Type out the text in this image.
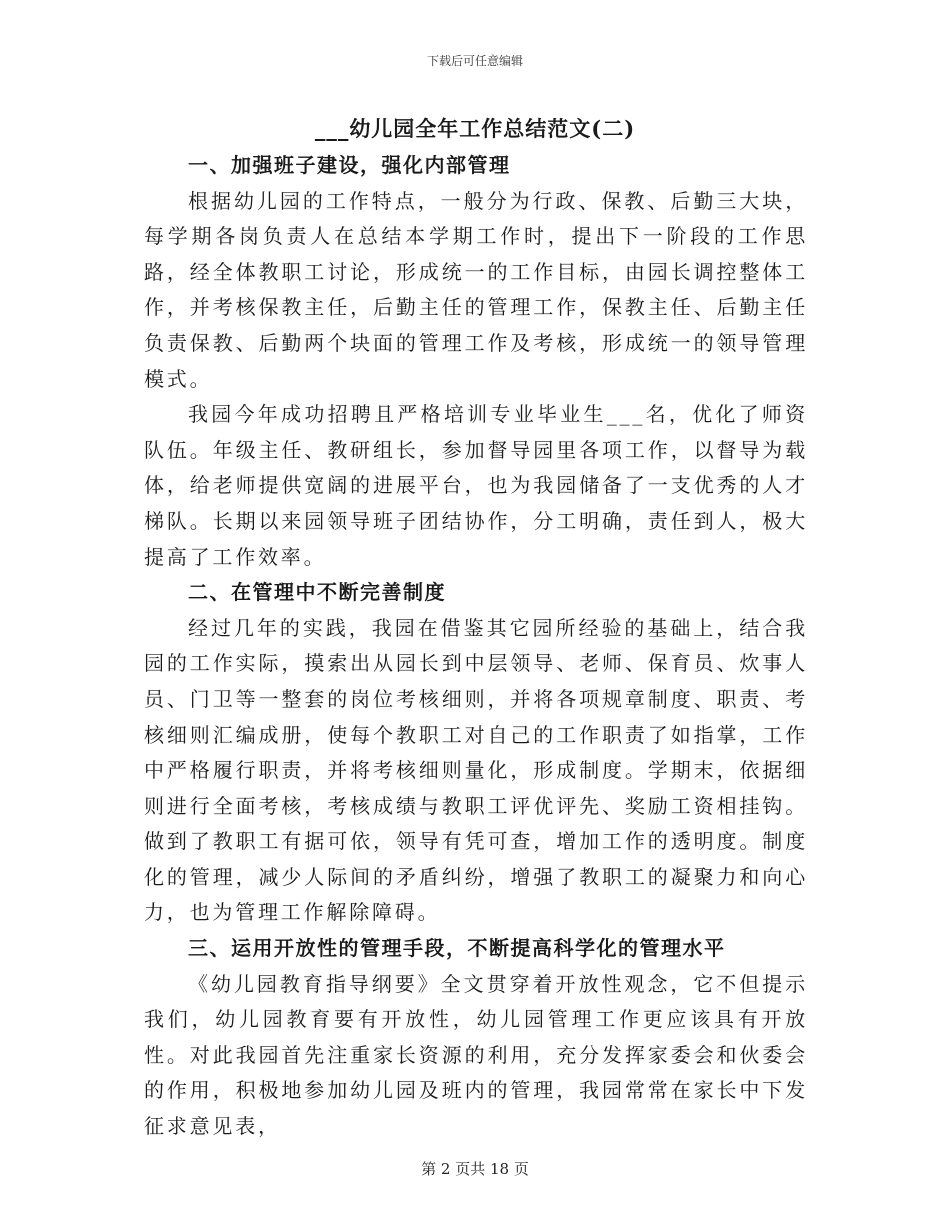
下载后可任意编辑
___幼儿园全年工作总结范文(二)
一、加强班子建设，强化内部管理
根据幼儿园的工作特点，一般分为行政、保教、后勤三大块，每学期各岗负责人在总结本学期工作时，提出下一阶段的工作思路，经全体教职工讨论，形成统一的工作目标，由园长调控整体工作，并考核保教主任，后勤主任的管理工作，保教主任、后勤主任负责保教、后勤两个块面的管理工作及考核，形成统一的领导管理模式。
我园今年成功招聘且严格培训专业毕业生___名，优化了师资队伍。年级主任、教研组长，参加督导园里各项工作，以督导为载体，给老师提供宽阔的进展平台，也为我园储备了一支优秀的人才梯队。长期以来园领导班子团结协作，分工明确，责任到人，极大提高了工作效率。
二、在管理中不断完善制度
经过几年的实践，我园在借鉴其它园所经验的基础上，结合我园的工作实际，摸索出从园长到中层领导、老师、保育员、炊事人员、门卫等一整套的岗位考核细则，并将各项规章制度、职责、考核细则汇编成册，使每个教职工对自己的工作职责了如指掌，工作中严格履行职责，并将考核细则量化，形成制度。学期末，依据细则进行全面考核，考核成绩与教职工评优评先、奖励工资相挂钩。做到了教职工有据可依，领导有凭可查，增加工作的透明度。制度化的管理，减少人际间的矛盾纠纷，增强了教职工的凝聚力和向心力，也为管理工作解除障碍。
三、运用开放性的管理手段，不断提高科学化的管理水平
《幼儿园教育指导纲要》全文贯穿着开放性观念，它不但提示我们，幼儿园教育要有开放性，幼儿园管理工作更应该具有开放性。对此我园首先注重家长资源的利用，充分发挥家委会和伙委会的作用，积极地参加幼儿园及班内的管理，我园常常在家长中下发征求意见表，
第 2 页共 18 页
